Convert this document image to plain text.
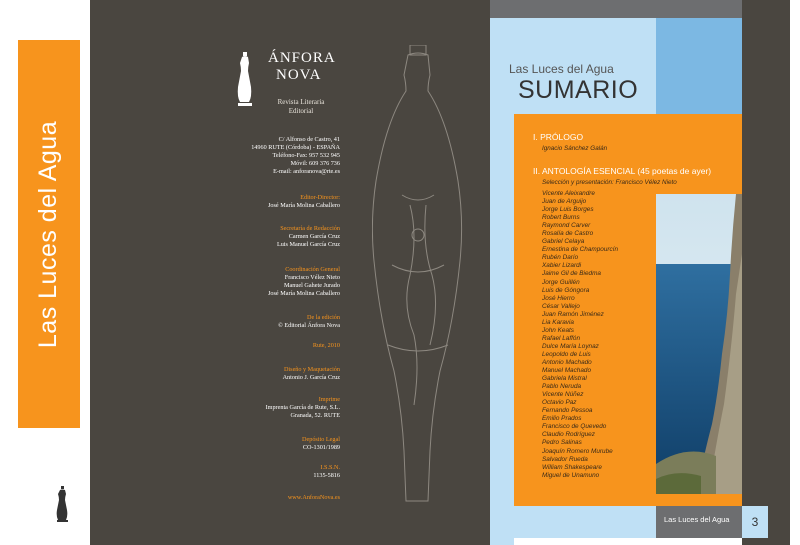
Las Luces del Agua
ÁNFORA
NOVA
Revista Literaria
Editorial
C/ Alfonso de Castro, 41
14960 RUTE (Córdoba) - ESPAÑA
Teléfono-Fax: 957 532 945
Móvil: 609 376 736
E-mail: anforanova@rte.es
Editor-Director:
José María Molina Caballero
Secretaría de Redacción
Carmen García Cruz
Luis Manuel García Cruz
Coordinación General
Francisco Vélez Nieto
Manuel Gahete Jurado
José María Molina Caballero
De la edición
© Editorial Ánfora Nova
Rute, 2010
Diseño y Maquetación
Antonio J. García Cruz
Imprime
Imprenta García de Rute, S.L.
Granada, 52. RUTE
Depósito Legal
CO-1301/1989
I.S.S.N.
1135-5816
www.AnforaNova.es
Las Luces del Agua
SUMARIO
I. PRÓLOGO
Ignacio Sánchez Galán
II. ANTOLOGÍA ESENCIAL (45 poetas de ayer)
Selección y presentación: Francisco Vélez Nieto
Vicente Aleixandre
Juan de Arguijo
Jorge Luis Borges
Robert Burns
Raymond Carver
Rosalía de Castro
Gabriel Celaya
Ernestina de Champourcín
Rubén Darío
Xabier Lizardi
Jaime Gil de Biedma
Jorge Guillén
Luis de Góngora
José Hierro
César Vallejo
Juan Ramón Jiménez
Lia Karavia
John Keats
Rafael Laffón
Dulce María Loynaz
Leopoldo de Luis
Antonio Machado
Manuel Machado
Gabriela Mistral
Pablo Neruda
Vicente Núñez
Octavio Paz
Fernando Pessoa
Emilio Prados
Francisco de Quevedo
Claudio Rodríguez
Pedro Salinas
Joaquín Romero Murube
Salvador Rueda
William Shakespeare
Miguel de Unamuno
Las Luces del Agua 3
